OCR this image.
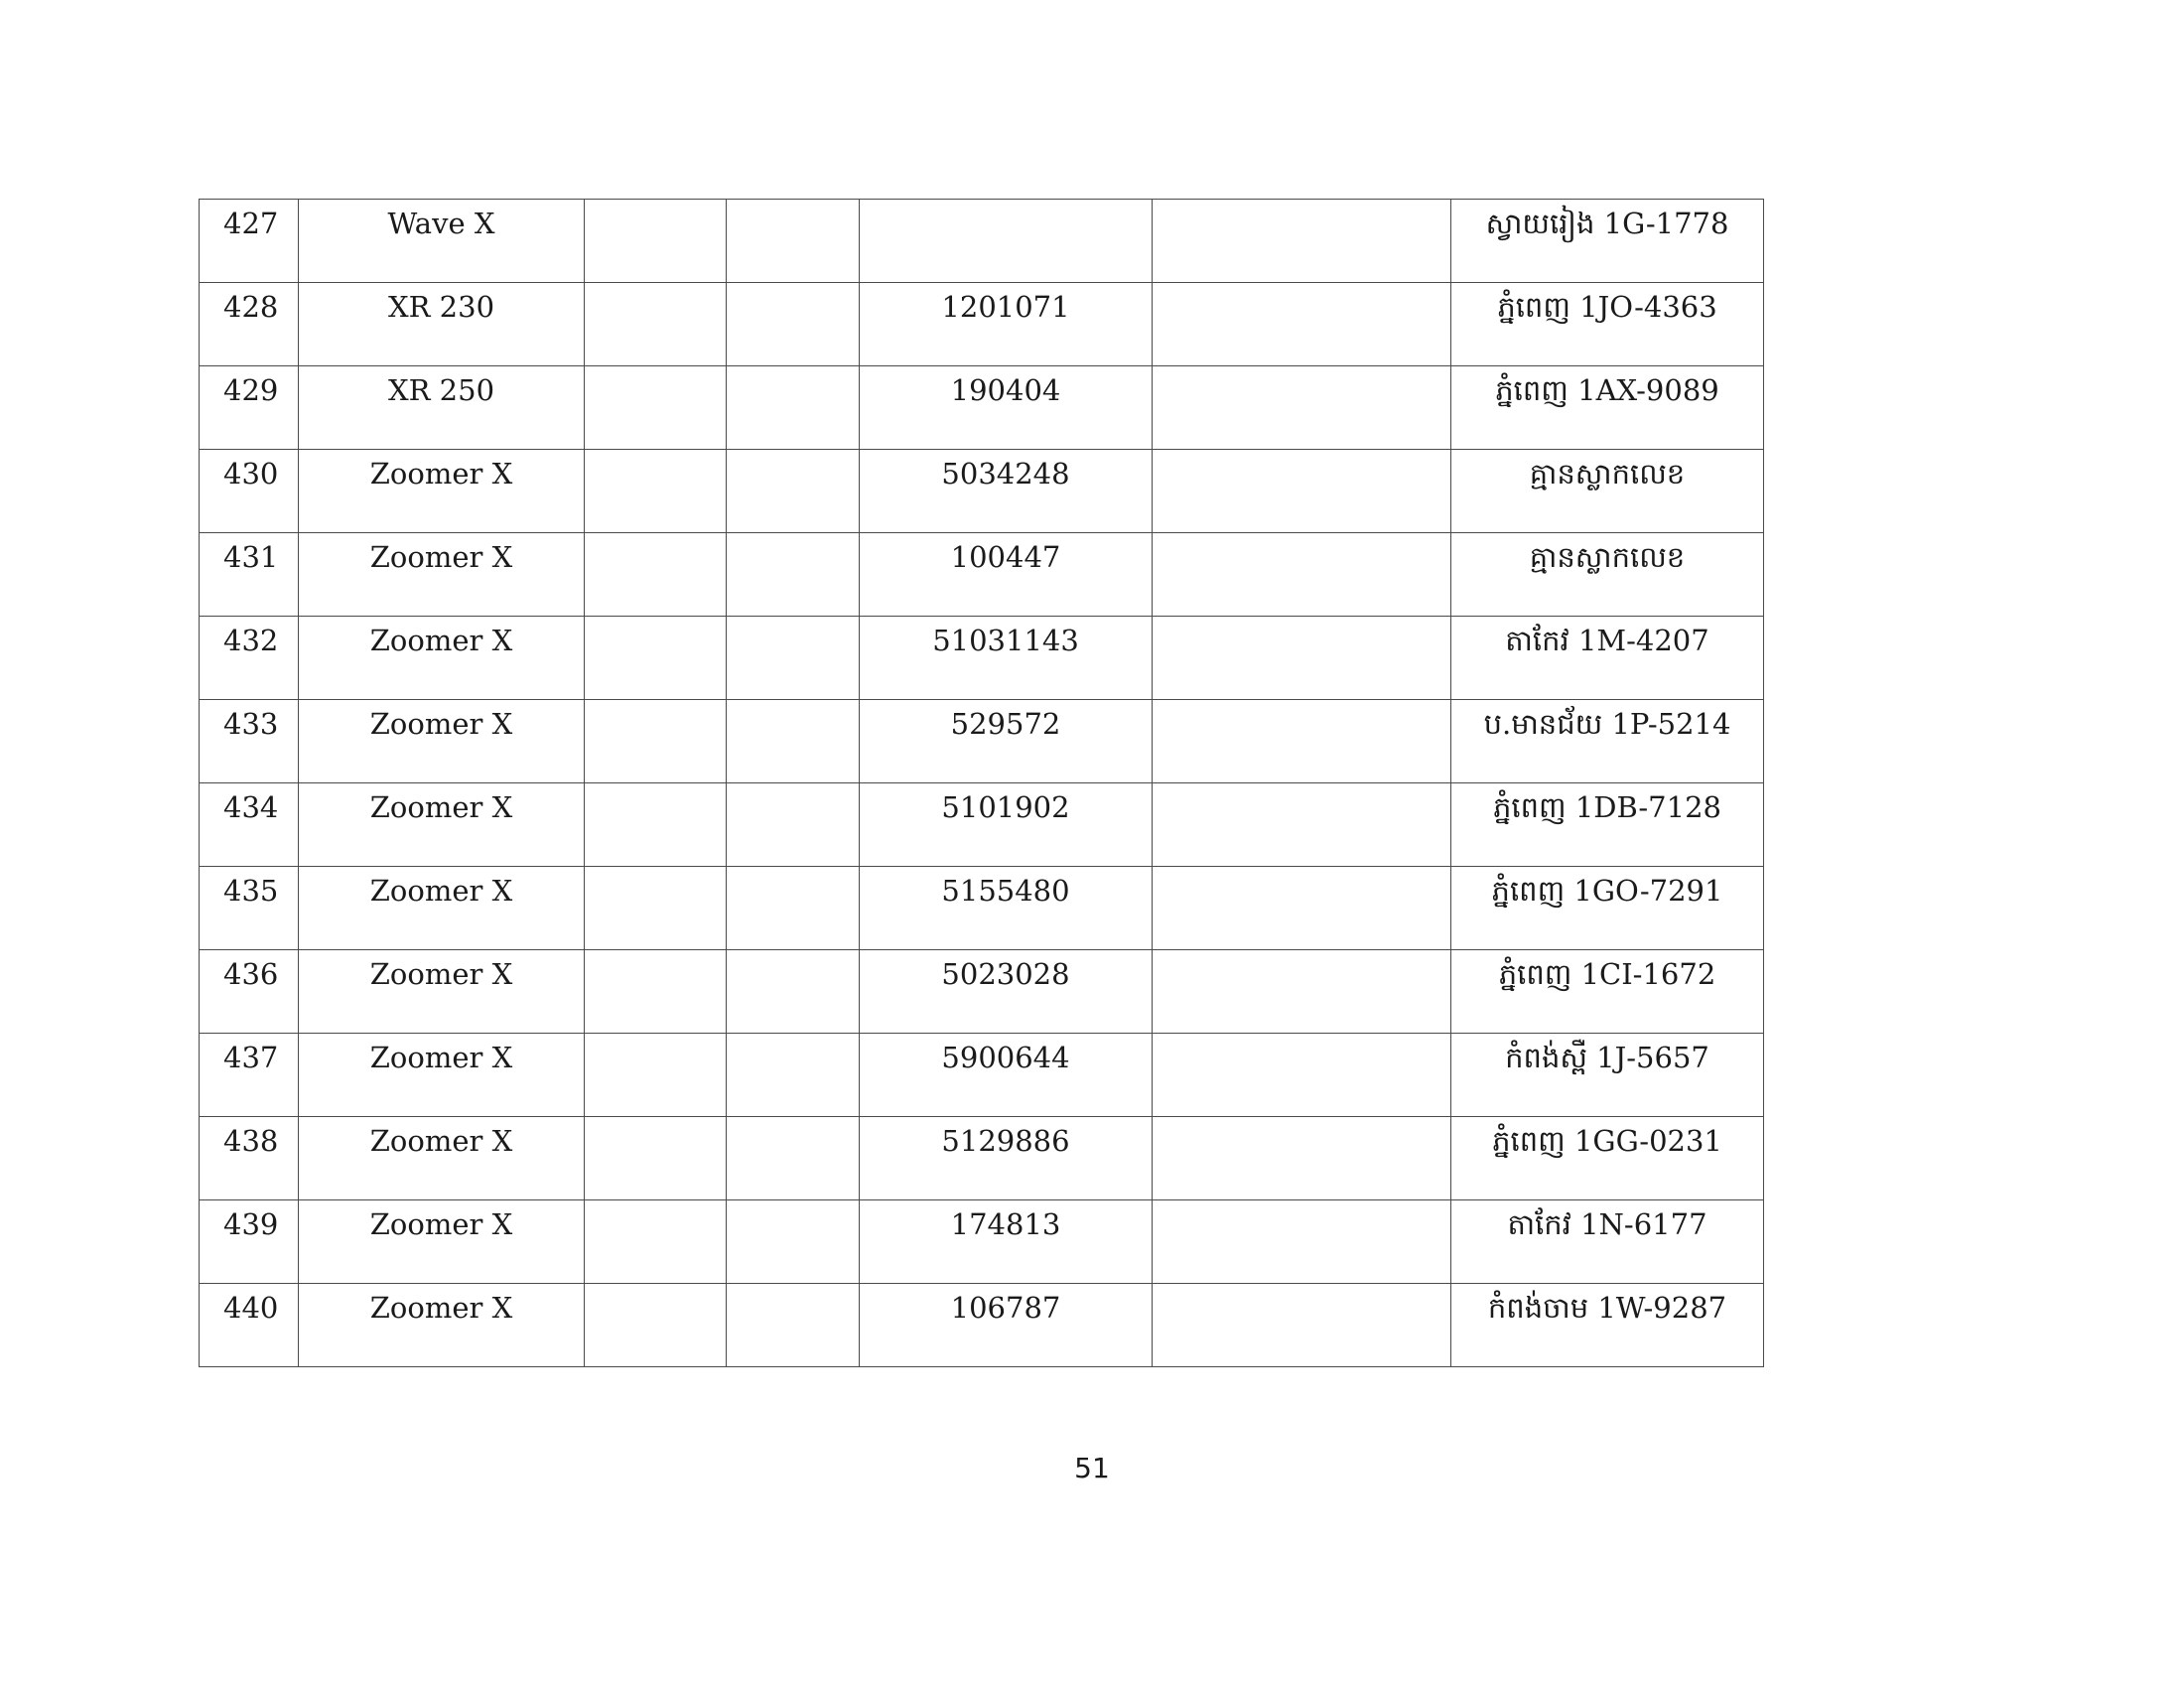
427	Wave X					ស្វាយរៀង 1G-1778
428	XR 230			1201071		ភ្នំពេញ 1JO-4363
429	XR 250			190404		ភ្នំពេញ 1AX-9089
430	Zoomer X			5034248		គ្មានស្លាកលេខ
431	Zoomer X			100447		គ្មានស្លាកលេខ
432	Zoomer X			51031143		តាកែវ 1M-4207
433	Zoomer X			529572		ប.មានជ័យ 1P-5214
434	Zoomer X			5101902		ភ្នំពេញ 1DB-7128
435	Zoomer X			5155480		ភ្នំពេញ 1GO-7291
436	Zoomer X			5023028		ភ្នំពេញ 1CI-1672
437	Zoomer X			5900644		កំពង់ស្ពឺ 1J-5657
438	Zoomer X			5129886		ភ្នំពេញ 1GG-0231
439	Zoomer X			174813		តាកែវ 1N-6177
440	Zoomer X			106787		កំពង់ចាម 1W-9287
51
